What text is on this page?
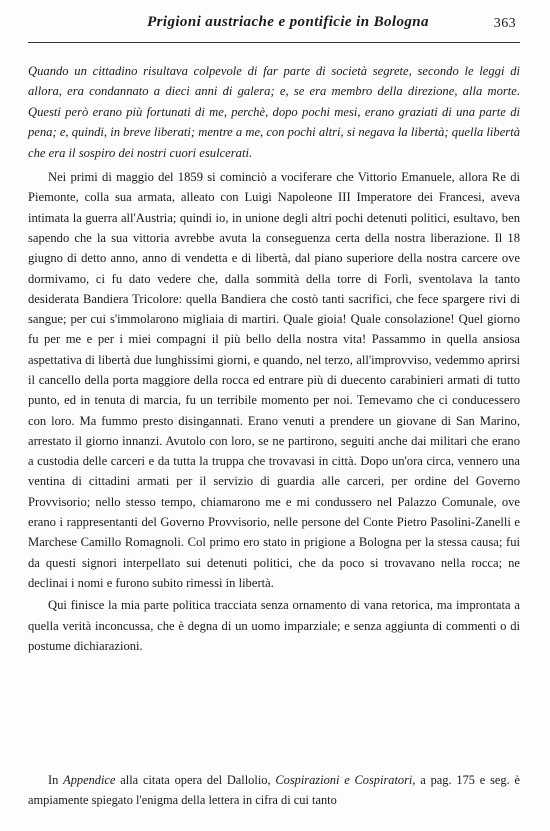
Prigioni austriache e pontificie in Bologna	363
Quando un cittadino risultava colpevole di far parte di società segrete, secondo le leggi di allora, era condannato a dieci anni di galera; e, se era membro della direzione, alla morte. Questi però erano più fortunati di me, perchè, dopo pochi mesi, erano graziati di una parte di pena; e, quindi, in breve liberati; mentre a me, con pochi altri, si negava la libertà; quella libertà che era il sospiro dei nostri cuori esulcerati.

Nei primi di maggio del 1859 si cominciò a vociferare che Vittorio Emanuele, allora Re di Piemonte, colla sua armata, alleato con Luigi Napoleone III Imperatore dei Francesi, aveva intimata la guerra all'Austria; quindi io, in unione degli altri pochi detenuti politici, esultavo, ben sapendo che la sua vittoria avrebbe avuta la conseguenza certa della nostra liberazione. Il 18 giugno di detto anno, anno di vendetta e di libertà, dal piano superiore della nostra carcere ove dormivamo, ci fu dato vedere che, dalla sommità della torre di Forlì, sventolava la tanto desiderata Bandiera Tricolore: quella Bandiera che costò tanti sacrifici, che fece spargere rivi di sangue; per cui s'immolarono migliaia di martiri. Quale gioia! Quale consolazione! Quel giorno fu per me e per i miei compagni il più bello della nostra vita! Passammo in quella ansiosa aspettativa di libertà due lunghissimi giorni, e quando, nel terzo, all'improvviso, vedemmo aprirsi il cancello della porta maggiore della rocca ed entrare più di duecento carabinieri armati di tutto punto, ed in tenuta di marcia, fu un terribile momento per noi. Temevamo che ci conducessero con loro. Ma fummo presto disingannati. Erano venuti a prendere un giovane di San Marino, arrestato il giorno innanzi. Avutolo con loro, se ne partirono, seguiti anche dai militari che erano a custodia delle carceri e da tutta la truppa che trovavasi in città. Dopo un'ora circa, vennero una ventina di cittadini armati per il servizio di guardia alle carceri, per ordine del Governo Provvisorio; nello stesso tempo, chiamarono me e mi condussero nel Palazzo Comunale, ove erano i rappresentanti del Governo Provvisorio, nelle persone del Conte Pietro Pasolini-Zanelli e Marchese Camillo Romagnoli. Col primo ero stato in prigione a Bologna per la stessa causa; fui da questi signori interpellato sui detenuti politici, che da poco si trovavano nella rocca; ne declinai i nomi e furono subito rimessi in libertà.

Qui finisce la mia parte politica tracciata senza ornamento di vana retorica, ma improntata a quella verità inconcussa, che è degna di un uomo imparziale; e senza aggiunta di commenti o di postume dichiarazioni.

In Appendice alla citata opera del Dallolio, Cospirazioni e Cospiratori, a pag. 175 e seg. è ampiamente spiegato l'enigma della lettera in cifra di cui tanto
